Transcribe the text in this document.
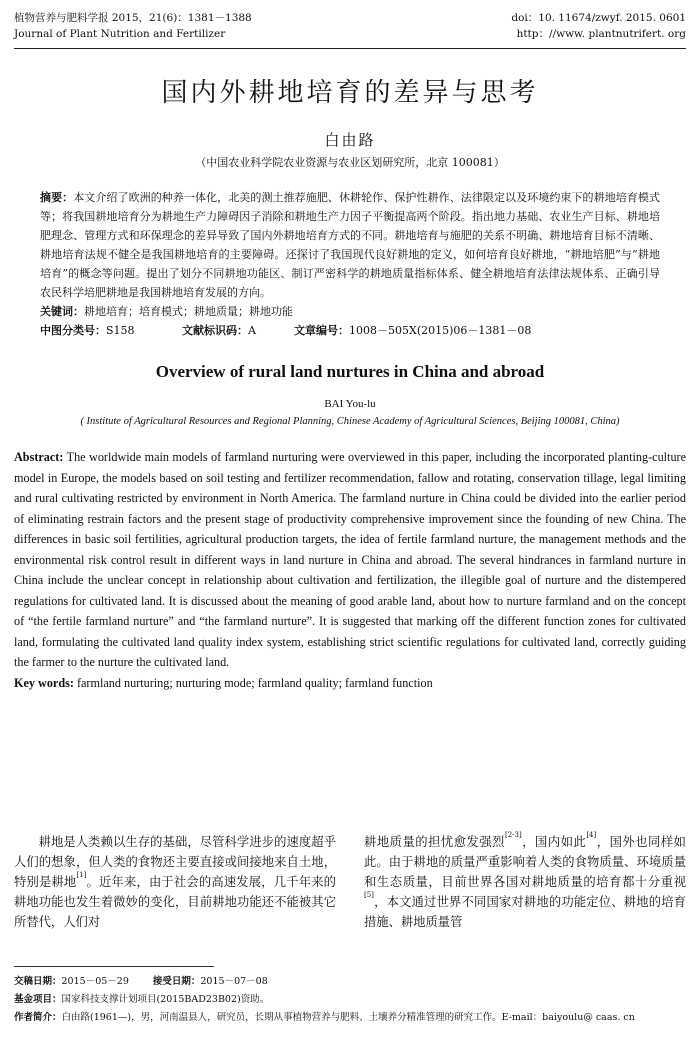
植物营养与肥料学报 2015，21(6)：1381－1388
Journal of Plant Nutrition and Fertilizer
doi：10. 11674/zwyf. 2015. 0601
http：//www. plantnutrifert. org
国内外耕地培育的差异与思考
白由路
（中国农业科学院农业资源与农业区划研究所，北京 100081）
摘要：本文介绍了欧洲的种养一体化，北美的测土推荐施肥、休耕轮作、保护性耕作、法律限定以及环境约束下的耕地培育模式等；将我国耕地培育分为耕地生产力障碍因子消除和耕地生产力因子平衡提高两个阶段。指出地力基础、农业生产目标、耕地培肥理念、管理方式和环保理念的差异导致了国内外耕地培育方式的不同。耕地培育与施肥的关系不明确、耕地培育目标不清晰、耕地培育法规不健全是我国耕地培育的主要障碍。还探讨了我国现代良好耕地的定义，如何培育良好耕地，“耕地培肥”与“耕地培育”的概念等问题。提出了划分不同耕地功能区、制订严密科学的耕地质量指标体系、健全耕地培育法律法规体系、正确引导农民科学培肥耕地是我国耕地培育发展的方向。
关键词：耕地培育；培育模式；耕地质量；耕地功能
中图分类号： S158	文献标识码： A	文章编号： 1008－505X(2015)06－1381－08
Overview of rural land nurtures in China and abroad
BAI You-lu
( Institute of Agricultural Resources and Regional Planning, Chinese Academy of Agricultural Sciences, Beijing 100081, China)
Abstract: The worldwide main models of farmland nurturing were overviewed in this paper, including the incorporated planting-culture model in Europe, the models based on soil testing and fertilizer recommendation, fallow and rotating, conservation tillage, legal limiting and rural cultivating restricted by environment in North America. The farmland nurture in China could be divided into the earlier period of eliminating restrain factors and the present stage of productivity comprehensive improvement since the founding of new China. The differences in basic soil fertilities, agricultural production targets, the idea of fertile farmland nurture, the management methods and the environmental risk control result in different ways in land nurture in China and abroad. The several hindrances in farmland nurture in China include the unclear concept in relationship about cultivation and fertilization, the illegible goal of nurture and the distempered regulations for cultivated land. It is discussed about the meaning of good arable land, about how to nurture farmland and on the concept of “the fertile farmland nurture” and “the farmland nurture”. It is suggested that marking off the different function zones for cultivated land, formulating the cultivated land quality index system, establishing strict scientific regulations for cultivated land, correctly guiding the farmer to the nurture the cultivated land.
Key words: farmland nurturing; nurturing mode; farmland quality; farmland function
耕地是人类赖以生存的基础，尽管科学进步的速度超乎人们的想象，但人类的食物还主要直接或间接地来自土地，特别是耕地[1]。近年来，由于社会的高速发展，几千年来的耕地功能也发生着微妙的变化，目前耕地功能还不能被其它所替代，人们对
耕地质量的担忧愈发强烈[2-3]，国内如此[4]，国外也同样如此。由于耕地的质量严重影响着人类的食物质量、环境质量和生态质量，目前世界各国对耕地质量的培育都十分重视[5]，本文通过世界不同国家对耕地的功能定位、耕地的培育措施、耕地质量管
交稿日期：2015－05－29	接受日期：2015－07－08
基金项目：国家科技支撑计划项目(2015BAD23B02)资助。
作者简介：白由路(1961—)，男，河南温县人，研究员，长期从事植物营养与肥料、土壤养分精准管理的研究工作。E-mail：baiyoulu@ caas. cn
